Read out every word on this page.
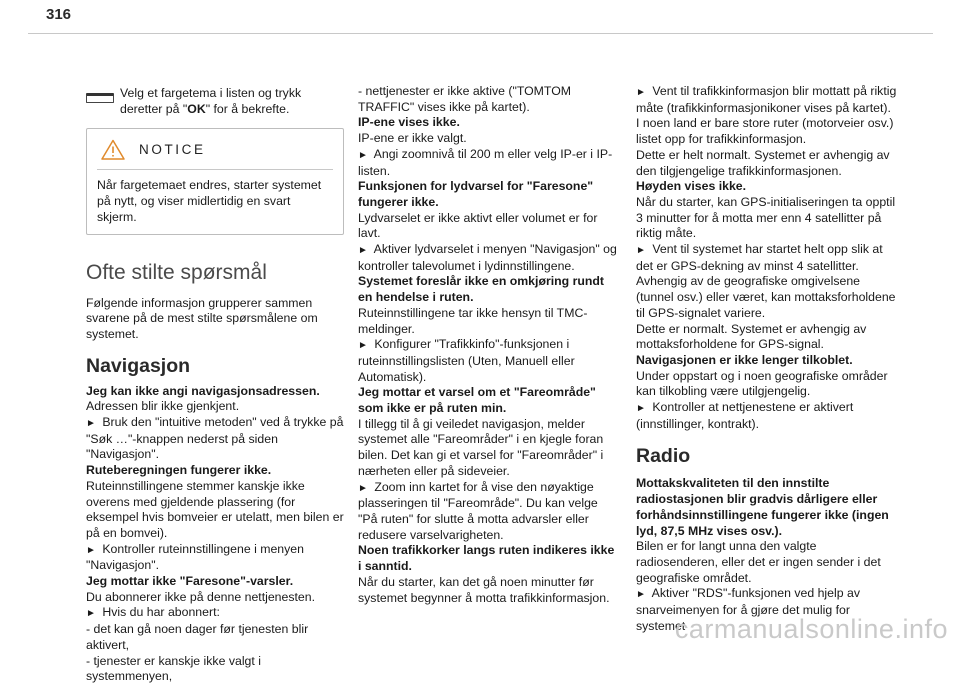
316
Velg et fargetema i listen og trykk deretter på "OK" for å bekrefte.
NOTICE
Når fargetemaet endres, starter systemet på nytt, og viser midlertidig en svart skjerm.
Ofte stilte spørsmål
Følgende informasjon grupperer sammen svarene på de mest stilte spørsmålene om systemet.
Navigasjon
Jeg kan ikke angi navigasjonsadressen.
Adressen blir ikke gjenkjent.
► Bruk den "intuitive metoden" ved å trykke på "Søk …"-knappen nederst på siden "Navigasjon".
Ruteberegningen fungerer ikke.
Ruteinnstillingene stemmer kanskje ikke overens med gjeldende plassering (for eksempel hvis bomveier er utelatt, men bilen er på en bomvei).
► Kontroller ruteinnstillingene i menyen "Navigasjon".
Jeg mottar ikke "Faresone"-varsler.
Du abonnerer ikke på denne nettjenesten.
► Hvis du har abonnert:
- det kan gå noen dager før tjenesten blir aktivert,
- tjenester er kanskje ikke valgt i systemmenyen,
- nettjenester er ikke aktive ("TOMTOM TRAFFIC" vises ikke på kartet).
IP-ene vises ikke.
IP-ene er ikke valgt.
► Angi zoomnivå til 200 m eller velg IP-er i IP-listen.
Funksjonen for lydvarsel for "Faresone" fungerer ikke.
Lydvarselet er ikke aktivt eller volumet er for lavt.
► Aktiver lydvarselet i menyen "Navigasjon" og kontroller talevolumet i lydinnstillingene.
Systemet foreslår ikke en omkjøring rundt en hendelse i ruten.
Ruteinnstillingene tar ikke hensyn til TMC-meldinger.
► Konfigurer "Trafikkinfo"-funksjonen i ruteinnstillingslisten (Uten, Manuell eller Automatisk).
Jeg mottar et varsel om et "Fareområde" som ikke er på ruten min.
I tillegg til å gi veiledet navigasjon, melder systemet alle "Fareområder" i en kjegle foran bilen. Det kan gi et varsel for "Fareområder" i nærheten eller på sideveier.
► Zoom inn kartet for å vise den nøyaktige plasseringen til "Fareområde". Du kan velge "På ruten" for slutte å motta advarsler eller redusere varselvarigheten.
Noen trafikkorker langs ruten indikeres ikke i sanntid.
Når du starter, kan det gå noen minutter før systemet begynner å motta trafikkinformasjon.
► Vent til trafikkinformasjon blir mottatt på riktig måte (trafikkinformasjonikoner vises på kartet).
I noen land er bare store ruter (motorveier osv.) listet opp for trafikkinformasjon.
Dette er helt normalt. Systemet er avhengig av den tilgjengelige trafikkinformasjonen.
Høyden vises ikke.
Når du starter, kan GPS-initialiseringen ta opptil 3 minutter for å motta mer enn 4 satellitter på riktig måte.
► Vent til systemet har startet helt opp slik at det er GPS-dekning av minst 4 satellitter.
Avhengig av de geografiske omgivelsene (tunnel osv.) eller været, kan mottaksforholdene til GPS-signalet variere.
Dette er normalt. Systemet er avhengig av mottaksforholdene for GPS-signal.
Navigasjonen er ikke lenger tilkoblet.
Under oppstart og i noen geografiske områder kan tilkobling være utilgjengelig.
► Kontroller at nettjenestene er aktivert (innstillinger, kontrakt).
Radio
Mottakskvaliteten til den innstilte radiostasjonen blir gradvis dårligere eller forhåndsinnstillingene fungerer ikke (ingen lyd, 87,5 MHz vises osv.).
Bilen er for langt unna den valgte radiosenderen, eller det er ingen sender i det geografiske området.
► Aktiver "RDS"-funksjonen ved hjelp av snarveimenyen for å gjøre det mulig for systemet
carmanualsonline.info
